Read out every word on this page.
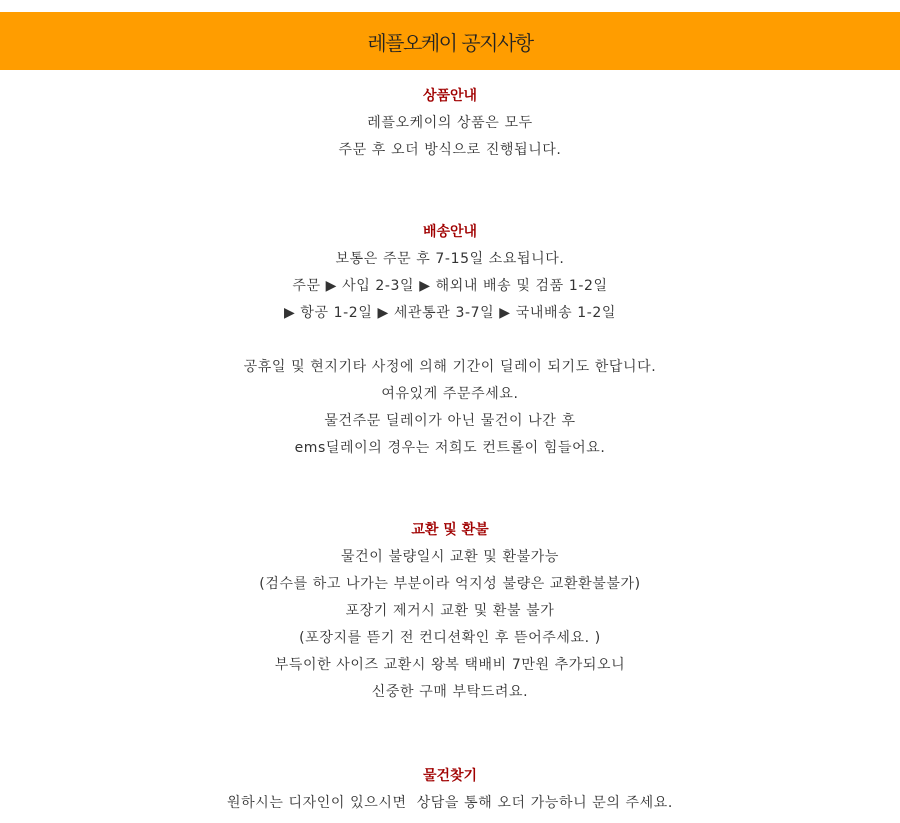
레플오케이 공지사항
상품안내
레플오케이의 상품은 모두
주문 후 오더 방식으로 진행됩니다.
배송안내
보통은 주문 후 7-15일 소요됩니다.
주문 ▶ 사입 2-3일 ▶ 해외내 배송 및 검품 1-2일
▶ 항공 1-2일 ▶ 세관통관 3-7일 ▶ 국내배송 1-2일
공휴일 및 현지기타 사정에 의해 기간이 딜레이 되기도 한답니다.
여유있게 주문주세요.
물건주문 딜레이가 아닌 물건이 나간 후
ems딜레이의 경우는 저희도 컨트롤이 힘들어요.
교환 및 환불
물건이 불량일시 교환 및 환불가능
(검수를 하고 나가는 부분이라 억지성 불량은 교환환불불가)
포장기 제거시 교환 및 환불 불가
(포장지를 뜯기 전 컨디션확인 후 뜯어주세요. )
부득이한 사이즈 교환시 왕복 택배비 7만원 추가되오니
신중한 구매 부탁드려요.
물건찾기
원하시는 디자인이 있으시면  상담을 통해 오더 가능하니 문의 주세요.
